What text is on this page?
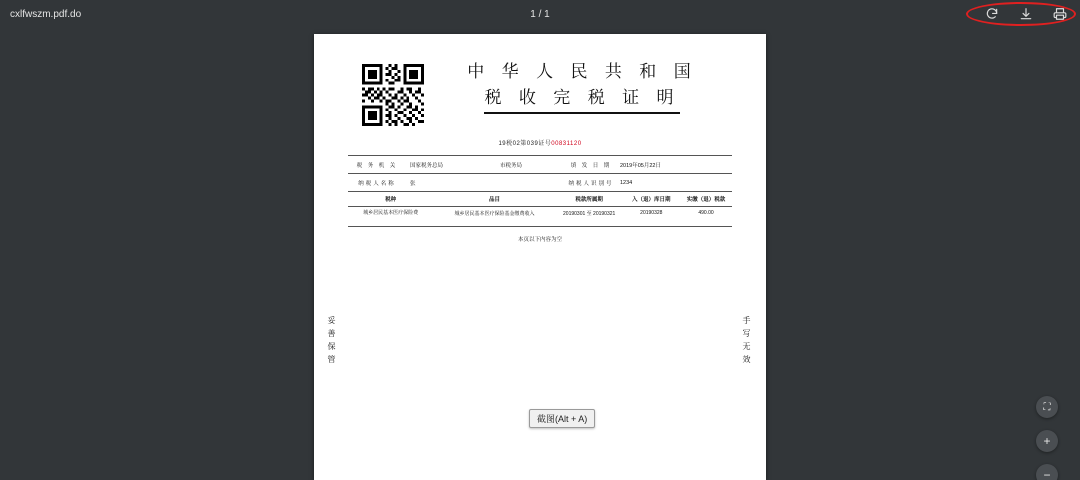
cxlfwszm.pdf.do	1 / 1
中 华 人 民 共 和 国
税 收 完 税 证 明
19税02第039证号00831120
税 务 机 关	国家税务总局	市税务局	填 发 日 期	2019年05月22日
纳税人名称	张	纳税人识别号	1234
税种	品目	税款所属期	入（退）库日期	实缴（退）税款
城乡居民基本医疗保险费	城乡居民基本医疗保险基金缴费收入	20190301 至 20190321	20190328	490.00
本页以下内容为空
妥善保管	手写无效
截图(Alt + A)
⛶
+
−
